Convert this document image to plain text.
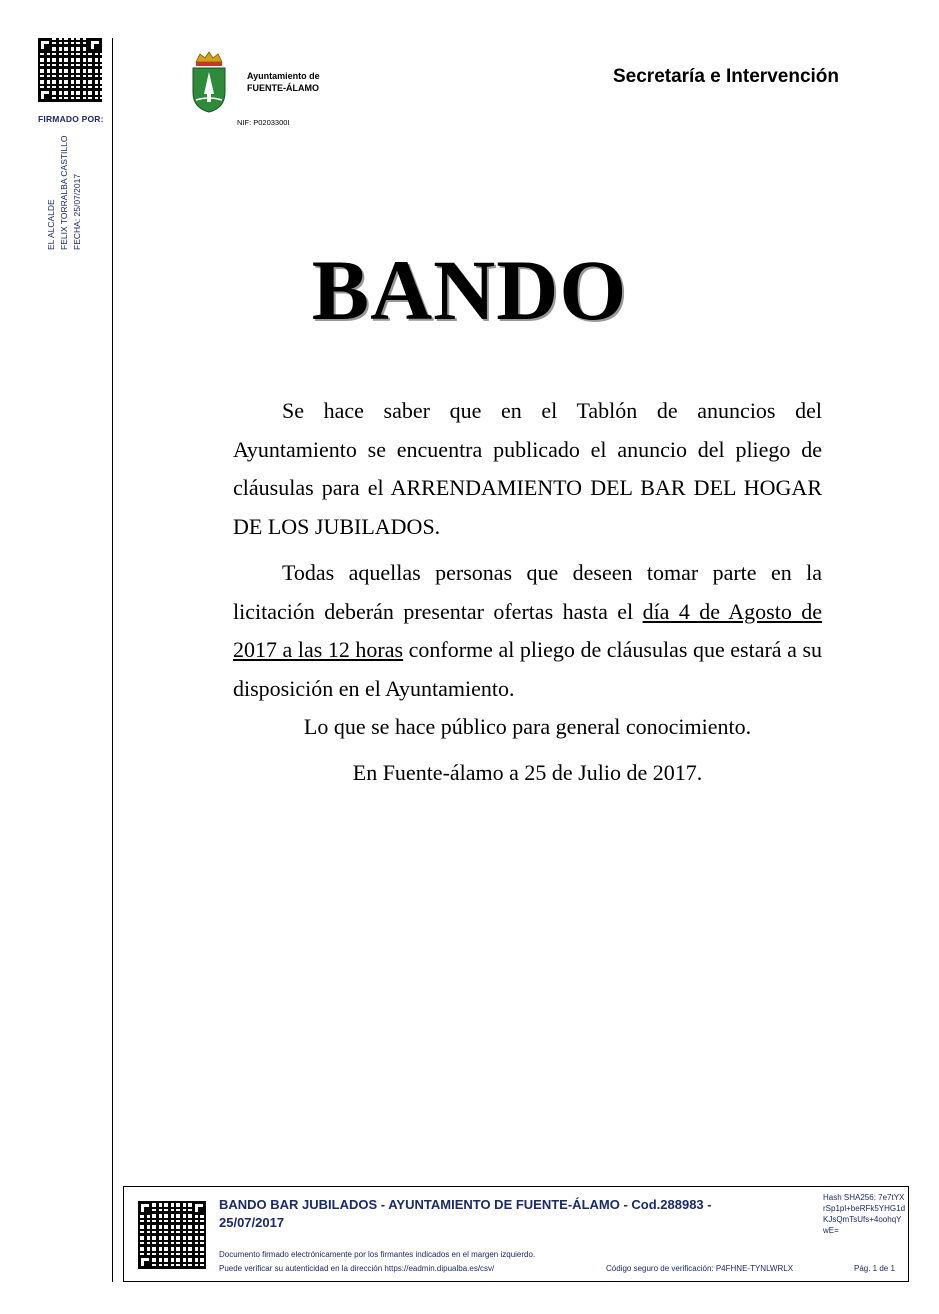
FIRMADO POR:
EL ALCALDE FELIX TORRALBA CASTILLO FECHA: 25/07/2017
Ayuntamiento de
FUENTE-ÁLAMO
NIF: P0203300I
Secretaría e Intervención
BANDO

Se hace saber que en el Tablón de anuncios del Ayuntamiento se encuentra publicado el anuncio del pliego de cláusulas para el ARRENDAMIENTO DEL BAR DEL HOGAR DE LOS JUBILADOS.

Todas aquellas personas que deseen tomar parte en la licitación deberán presentar ofertas hasta el día 4 de Agosto de 2017 a las 12 horas conforme al pliego de cláusulas que estará a su disposición en el Ayuntamiento.

Lo que se hace público para general conocimiento.

En Fuente-álamo a 25 de Julio de 2017.

BANDO BAR JUBILADOS - AYUNTAMIENTO DE FUENTE-ÁLAMO - Cod.288983 -
25/07/2017
Hash SHA256: 7e7tYXrSp1pl+beRFk5YHG1dKJsQmTsUfs+4oohqYwE=
Documento firmado electrónicamente por los firmantes indicados en el margen izquierdo.
Puede verificar su autenticidad en la dirección https://eadmin.dipualba.es/csv/	Código seguro de verificación: P4FHNE-TYNLWRLX	Pág. 1 de 1
